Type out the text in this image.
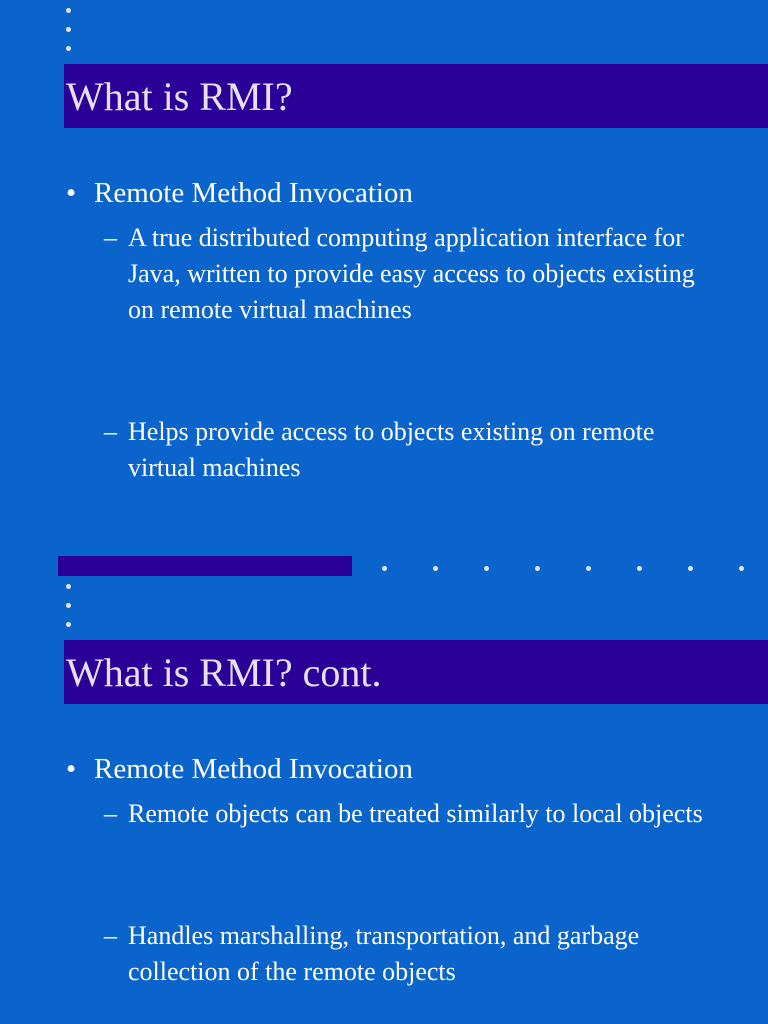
What is RMI?
• Remote Method Invocation
– A true distributed computing application interface for Java, written to provide easy access to objects existing on remote virtual machines
– Helps provide access to objects existing on remote virtual machines
What is RMI? cont.
• Remote Method Invocation
– Remote objects can be treated similarly to local objects
– Handles marshalling, transportation, and garbage collection of the remote objects
